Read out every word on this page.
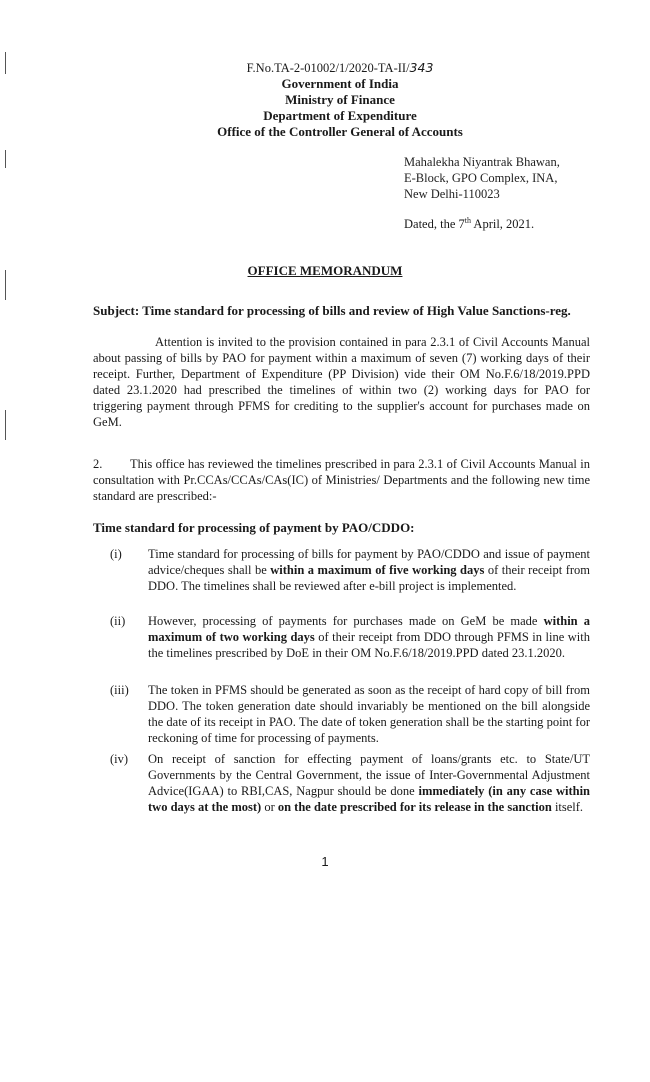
F.No.TA-2-01002/1/2020-TA-II/343
Government of India
Ministry of Finance
Department of Expenditure
Office of the Controller General of Accounts
Mahalekha Niyantrak Bhawan,
E-Block, GPO Complex, INA,
New Delhi-110023
Dated, the 7th April, 2021.
OFFICE MEMORANDUM
Subject: Time standard for processing of bills and review of High Value Sanctions-reg.
Attention is invited to the provision contained in para 2.3.1 of Civil Accounts Manual about passing of bills by PAO for payment within a maximum of seven (7) working days of their receipt. Further, Department of Expenditure (PP Division) vide their OM No.F.6/18/2019.PPD dated 23.1.2020 had prescribed the timelines of within two (2) working days for PAO for triggering payment through PFMS for crediting to the supplier's account for purchases made on GeM.
2. This office has reviewed the timelines prescribed in para 2.3.1 of Civil Accounts Manual in consultation with Pr.CCAs/CCAs/CAs(IC) of Ministries/ Departments and the following new time standard are prescribed:-
Time standard for processing of payment by PAO/CDDO:
(i)	Time standard for processing of bills for payment by PAO/CDDO and issue of payment advice/cheques shall be within a maximum of five working days of their receipt from DDO. The timelines shall be reviewed after e-bill project is implemented.
(ii)	However, processing of payments for purchases made on GeM be made within a maximum of two working days of their receipt from DDO through PFMS in line with the timelines prescribed by DoE in their OM No.F.6/18/2019.PPD dated 23.1.2020.
(iii)	The token in PFMS should be generated as soon as the receipt of hard copy of bill from DDO. The token generation date should invariably be mentioned on the bill alongside the date of its receipt in PAO. The date of token generation shall be the starting point for reckoning of time for processing of payments.
(iv)	On receipt of sanction for effecting payment of loans/grants etc. to State/UT Governments by the Central Government, the issue of Inter-Governmental Adjustment Advice(IGAA) to RBI,CAS, Nagpur should be done immediately (in any case within two days at the most) or on the date prescribed for its release in the sanction itself.
1
